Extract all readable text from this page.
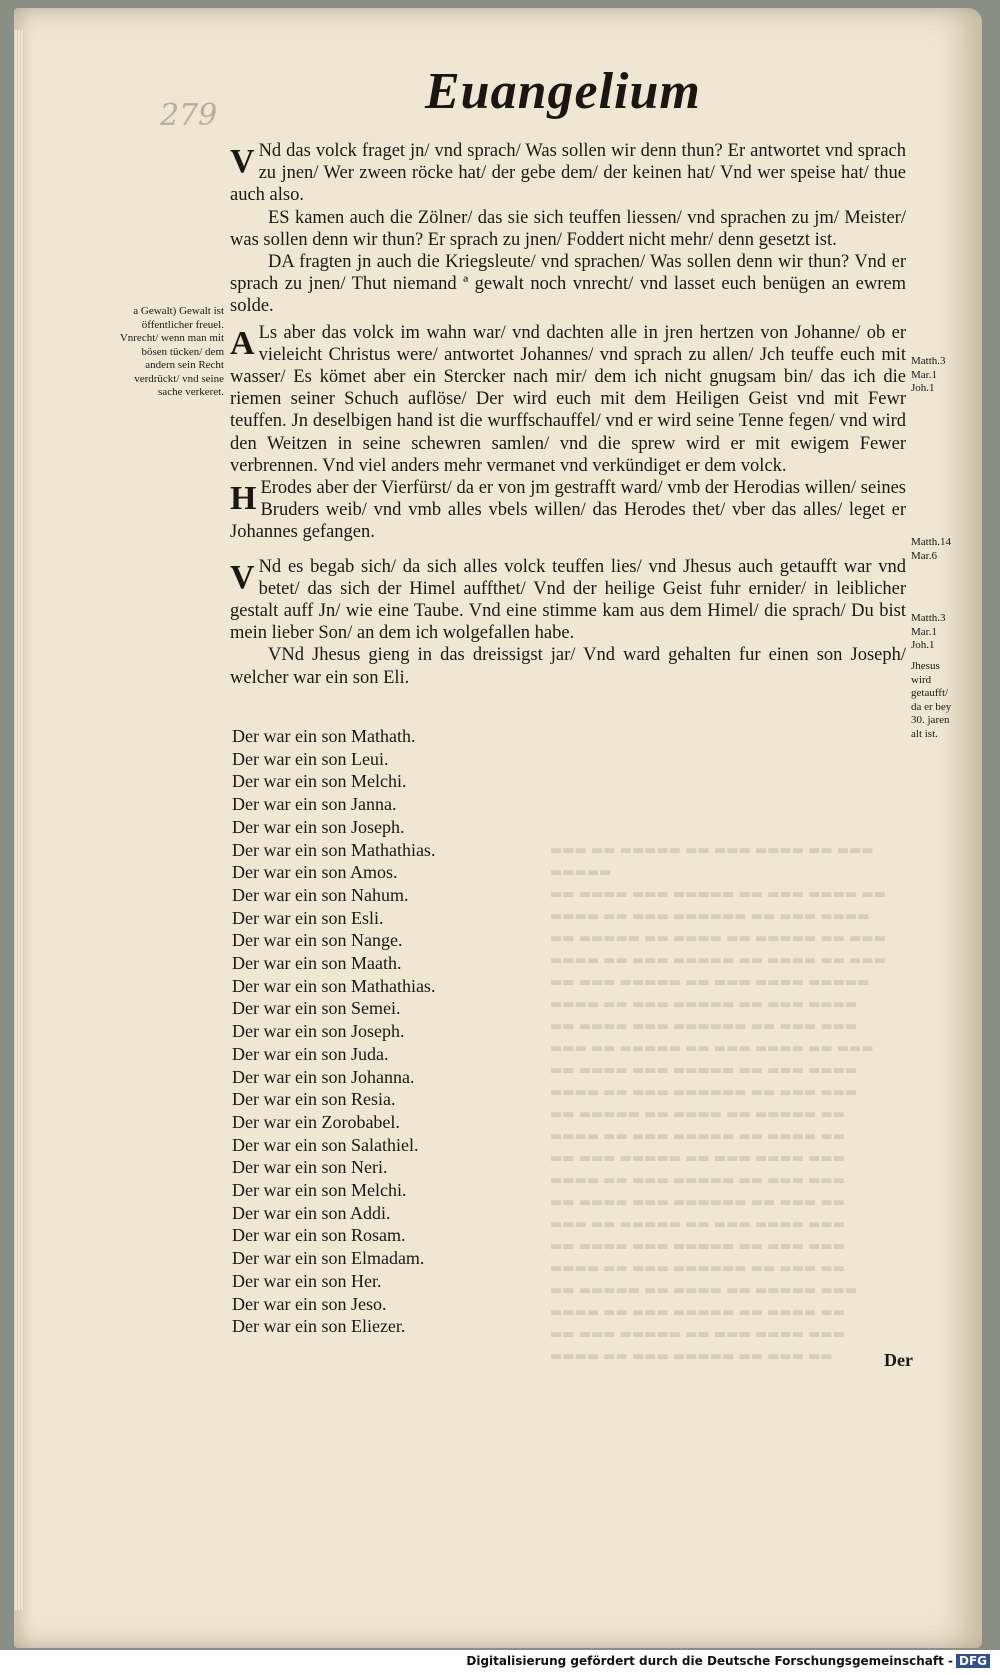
▬▬▬ ▬▬ ▬▬▬▬▬ ▬▬ ▬▬▬ ▬▬▬▬ ▬▬ ▬▬▬ ▬▬▬▬▬
▬▬ ▬▬▬▬ ▬▬▬ ▬▬▬▬▬ ▬▬ ▬▬▬ ▬▬▬▬ ▬▬
▬▬▬▬ ▬▬ ▬▬▬ ▬▬▬▬▬▬ ▬▬ ▬▬▬ ▬▬▬▬
▬▬ ▬▬▬▬▬ ▬▬ ▬▬▬▬ ▬▬ ▬▬▬▬▬ ▬▬ ▬▬▬
▬▬▬▬ ▬▬ ▬▬▬ ▬▬▬▬▬ ▬▬ ▬▬▬▬ ▬▬ ▬▬▬
▬▬ ▬▬▬ ▬▬▬▬▬ ▬▬ ▬▬▬ ▬▬▬▬ ▬▬▬▬▬
▬▬▬▬ ▬▬ ▬▬▬ ▬▬▬▬▬ ▬▬ ▬▬▬ ▬▬▬▬
▬▬ ▬▬▬▬ ▬▬▬ ▬▬▬▬▬▬ ▬▬ ▬▬▬ ▬▬▬
▬▬▬ ▬▬ ▬▬▬▬▬ ▬▬ ▬▬▬ ▬▬▬▬ ▬▬ ▬▬▬
▬▬ ▬▬▬▬ ▬▬▬ ▬▬▬▬▬ ▬▬ ▬▬▬ ▬▬▬▬
▬▬▬▬ ▬▬ ▬▬▬ ▬▬▬▬▬▬ ▬▬ ▬▬▬ ▬▬▬
▬▬ ▬▬▬▬▬ ▬▬ ▬▬▬▬ ▬▬ ▬▬▬▬▬ ▬▬
▬▬▬▬ ▬▬ ▬▬▬ ▬▬▬▬▬ ▬▬ ▬▬▬▬ ▬▬
▬▬ ▬▬▬ ▬▬▬▬▬ ▬▬ ▬▬▬ ▬▬▬▬ ▬▬▬
▬▬▬▬ ▬▬ ▬▬▬ ▬▬▬▬▬ ▬▬ ▬▬▬ ▬▬▬
▬▬ ▬▬▬▬ ▬▬▬ ▬▬▬▬▬▬ ▬▬ ▬▬▬ ▬▬
▬▬▬ ▬▬ ▬▬▬▬▬ ▬▬ ▬▬▬ ▬▬▬▬ ▬▬▬
▬▬ ▬▬▬▬ ▬▬▬ ▬▬▬▬▬ ▬▬ ▬▬▬ ▬▬▬
▬▬▬▬ ▬▬ ▬▬▬ ▬▬▬▬▬▬ ▬▬ ▬▬▬ ▬▬
▬▬ ▬▬▬▬▬ ▬▬ ▬▬▬▬ ▬▬ ▬▬▬▬▬ ▬▬▬
▬▬▬▬ ▬▬ ▬▬▬ ▬▬▬▬▬ ▬▬ ▬▬▬▬ ▬▬
▬▬ ▬▬▬ ▬▬▬▬▬ ▬▬ ▬▬▬ ▬▬▬▬ ▬▬▬
▬▬▬▬ ▬▬ ▬▬▬ ▬▬▬▬▬ ▬▬ ▬▬▬ ▬▬
279	Euangelium

V Nd das volck fraget jn/ vnd sprach/ Was sollen wir denn thun? Er antwortet vnd sprach zu jnen/ Wer zween röcke hat/ der gebe dem/ der keinen hat/ Vnd wer speise hat/ thue auch also.

ES kamen auch die Zölner/ das sie sich teuffen liessen/ vnd sprachen zu jm/ Meister/ was sollen denn wir thun? Er sprach zu jnen/ Foddert nicht mehr/ denn gesetzt ist.

DA fragten jn auch die Kriegsleute/ vnd sprachen/ Was sollen denn wir thun? Vnd er sprach zu jnen/ Thut niemand ª gewalt noch vnrecht/ vnd lasset euch benügen an ewrem solde.

A Ls aber das volck im wahn war/ vnd dachten alle in jren hertzen von Johanne/ ob er vieleicht Christus were/ antwortet Johannes/ vnd sprach zu allen/ Jch teuffe euch mit wasser/ Es kömet aber ein Stercker nach mir/ dem ich nicht gnugsam bin/ das ich die riemen seiner Schuch auflöse/ Der wird euch mit dem Heiligen Geist vnd mit Fewr teuffen. Jn deselbigen hand ist die wurffschauffel/ vnd er wird seine Tenne fegen/ vnd wird den Weitzen in seine schewren samlen/ vnd die sprew wird er mit ewigem Fewer verbrennen. Vnd viel anders mehr vermanet vnd verkündiget er dem volck.

H Erodes aber der Vierfürst/ da er von jm gestrafft ward/ vmb der Herodias willen/ seines Bruders weib/ vnd vmb alles vbels willen/ das Herodes thet/ vber das alles/ leget er Johannes gefangen.

V Nd es begab sich/ da sich alles volck teuffen lies/ vnd Jhesus auch getaufft war vnd betet/ das sich der Himel auffthet/ Vnd der heilige Geist fuhr ernider/ in leiblicher gestalt auff Jn/ wie eine Taube. Vnd eine stimme kam aus dem Himel/ die sprach/ Du bist mein lieber Son/ an dem ich wolgefallen habe.

VNd Jhesus gieng in das dreissigst jar/ Vnd ward gehalten fur einen son Joseph/ welcher war ein son Eli.

Der war ein son Mathath.
Der war ein son Leui.
Der war ein son Melchi.
Der war ein son Janna.
Der war ein son Joseph.
Der war ein son Mathathias.
Der war ein son Amos.
Der war ein son Nahum.
Der war ein son Esli.
Der war ein son Nange.
Der war ein son Maath.
Der war ein son Mathathias.
Der war ein son Semei.
Der war ein son Joseph.
Der war ein son Juda.
Der war ein son Johanna.
Der war ein son Resia.
Der war ein Zorobabel.
Der war ein son Salathiel.
Der war ein son Neri.
Der war ein son Melchi.
Der war ein son Addi.
Der war ein son Rosam.
Der war ein son Elmadam.
Der war ein son Her.
Der war ein son Jeso.
Der war ein son Eliezer.
a Gewalt) Gewalt ist öffentlicher freuel. Vnrecht/ wenn man mit bösen tücken/ dem andern sein Recht verdrückt/ vnd seine sache verkeret.
Matth.3 Mar.1 Joh.1
Matth.14 Mar.6
Matth.3 Mar.1 Joh.1
Jhesus wird getaufft/ da er bey 30. jaren alt ist.
Der
Digitalisierung gefördert durch die Deutsche Forschungsgemeinschaft - DFG
